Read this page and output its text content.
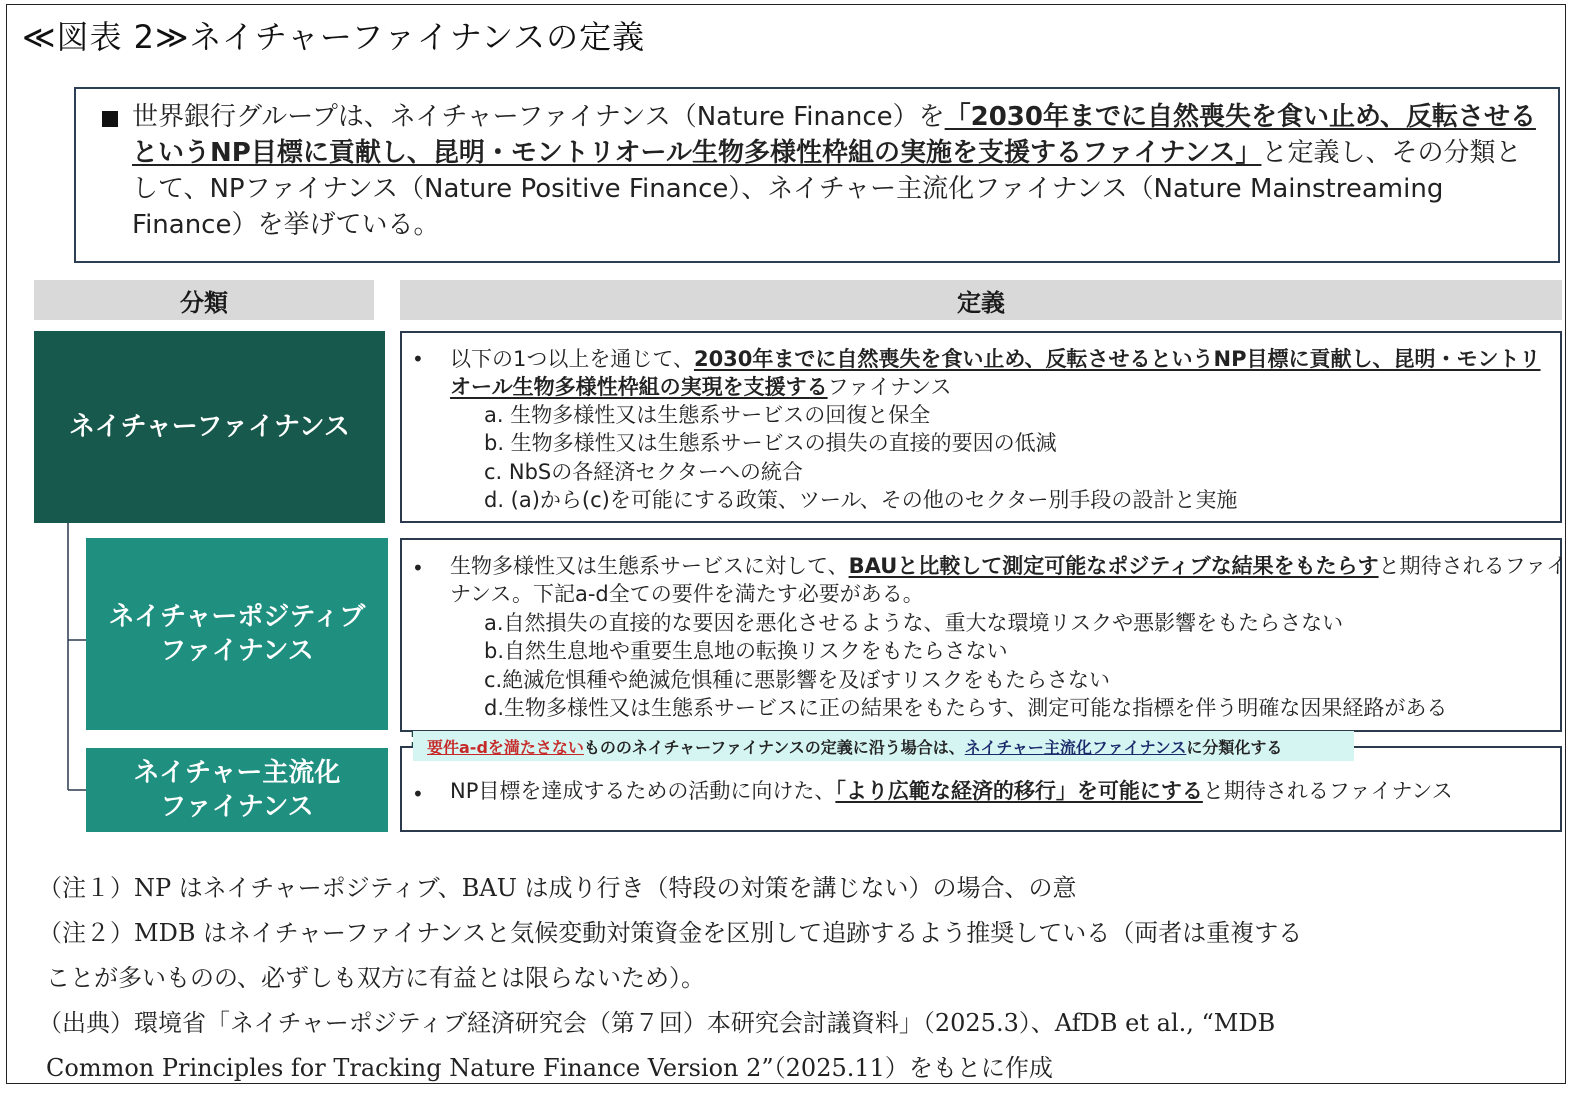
≪図表 2≫ネイチャーファイナンスの定義
世界銀行グループは、ネイチャーファイナンス（Nature Finance）を「2030年までに自然喪失を食い止め、反転させるというNP目標に貢献し、昆明・モントリオール生物多様性枠組の実施を支援するファイナンス」と定義し、その分類として、NPファイナンス（Nature Positive Finance）、ネイチャー主流化ファイナンス（Nature Mainstreaming Finance）を挙げている。
分類	定義
ネイチャーファイナンス
ネイチャーポジティブ
ファイナンス
ネイチャー主流化
ファイナンス
• 以下の1つ以上を通じて、2030年までに自然喪失を食い止め、反転させるというNP目標に貢献し、昆明・モントリ
オール生物多様性枠組の実現を支援するファイナンス
a. 生物多様性又は生態系サービスの回復と保全
b. 生物多様性又は生態系サービスの損失の直接的要因の低減
c. NbSの各経済セクターへの統合
d. (a)から(c)を可能にする政策、ツール、その他のセクター別手段の設計と実施
• 生物多様性又は生態系サービスに対して、BAUと比較して測定可能なポジティブな結果をもたらすと期待されるファイ
ナンス。下記a-d全ての要件を満たす必要がある。
a.自然損失の直接的な要因を悪化させるような、重大な環境リスクや悪影響をもたらさない
b.自然生息地や重要生息地の転換リスクをもたらさない
c.絶滅危惧種や絶滅危惧種に悪影響を及ぼすリスクをもたらさない
d.生物多様性又は生態系サービスに正の結果をもたらす、測定可能な指標を伴う明確な因果経路がある
• NP目標を達成するための活動に向けた、「より広範な経済的移行」を可能にすると期待されるファイナンス
要件a-dを満たさない もののネイチャーファイナンスの定義に沿う場合は、 ネイチャー主流化ファイナンス に分類化する
（注１）NP はネイチャーポジティブ、BAU は成り行き（特段の対策を講じない）の場合、の意
（注２）MDB はネイチャーファイナンスと気候変動対策資金を区別して追跡するよう推奨している（両者は重複する
ことが多いものの、必ずしも双方に有益とは限らないため）。
（出典）環境省「ネイチャーポジティブ経済研究会（第７回）本研究会討議資料」（2025.3）、AfDB et al., “MDB
Common Principles for Tracking Nature Finance Version 2”（2025.11）をもとに作成
